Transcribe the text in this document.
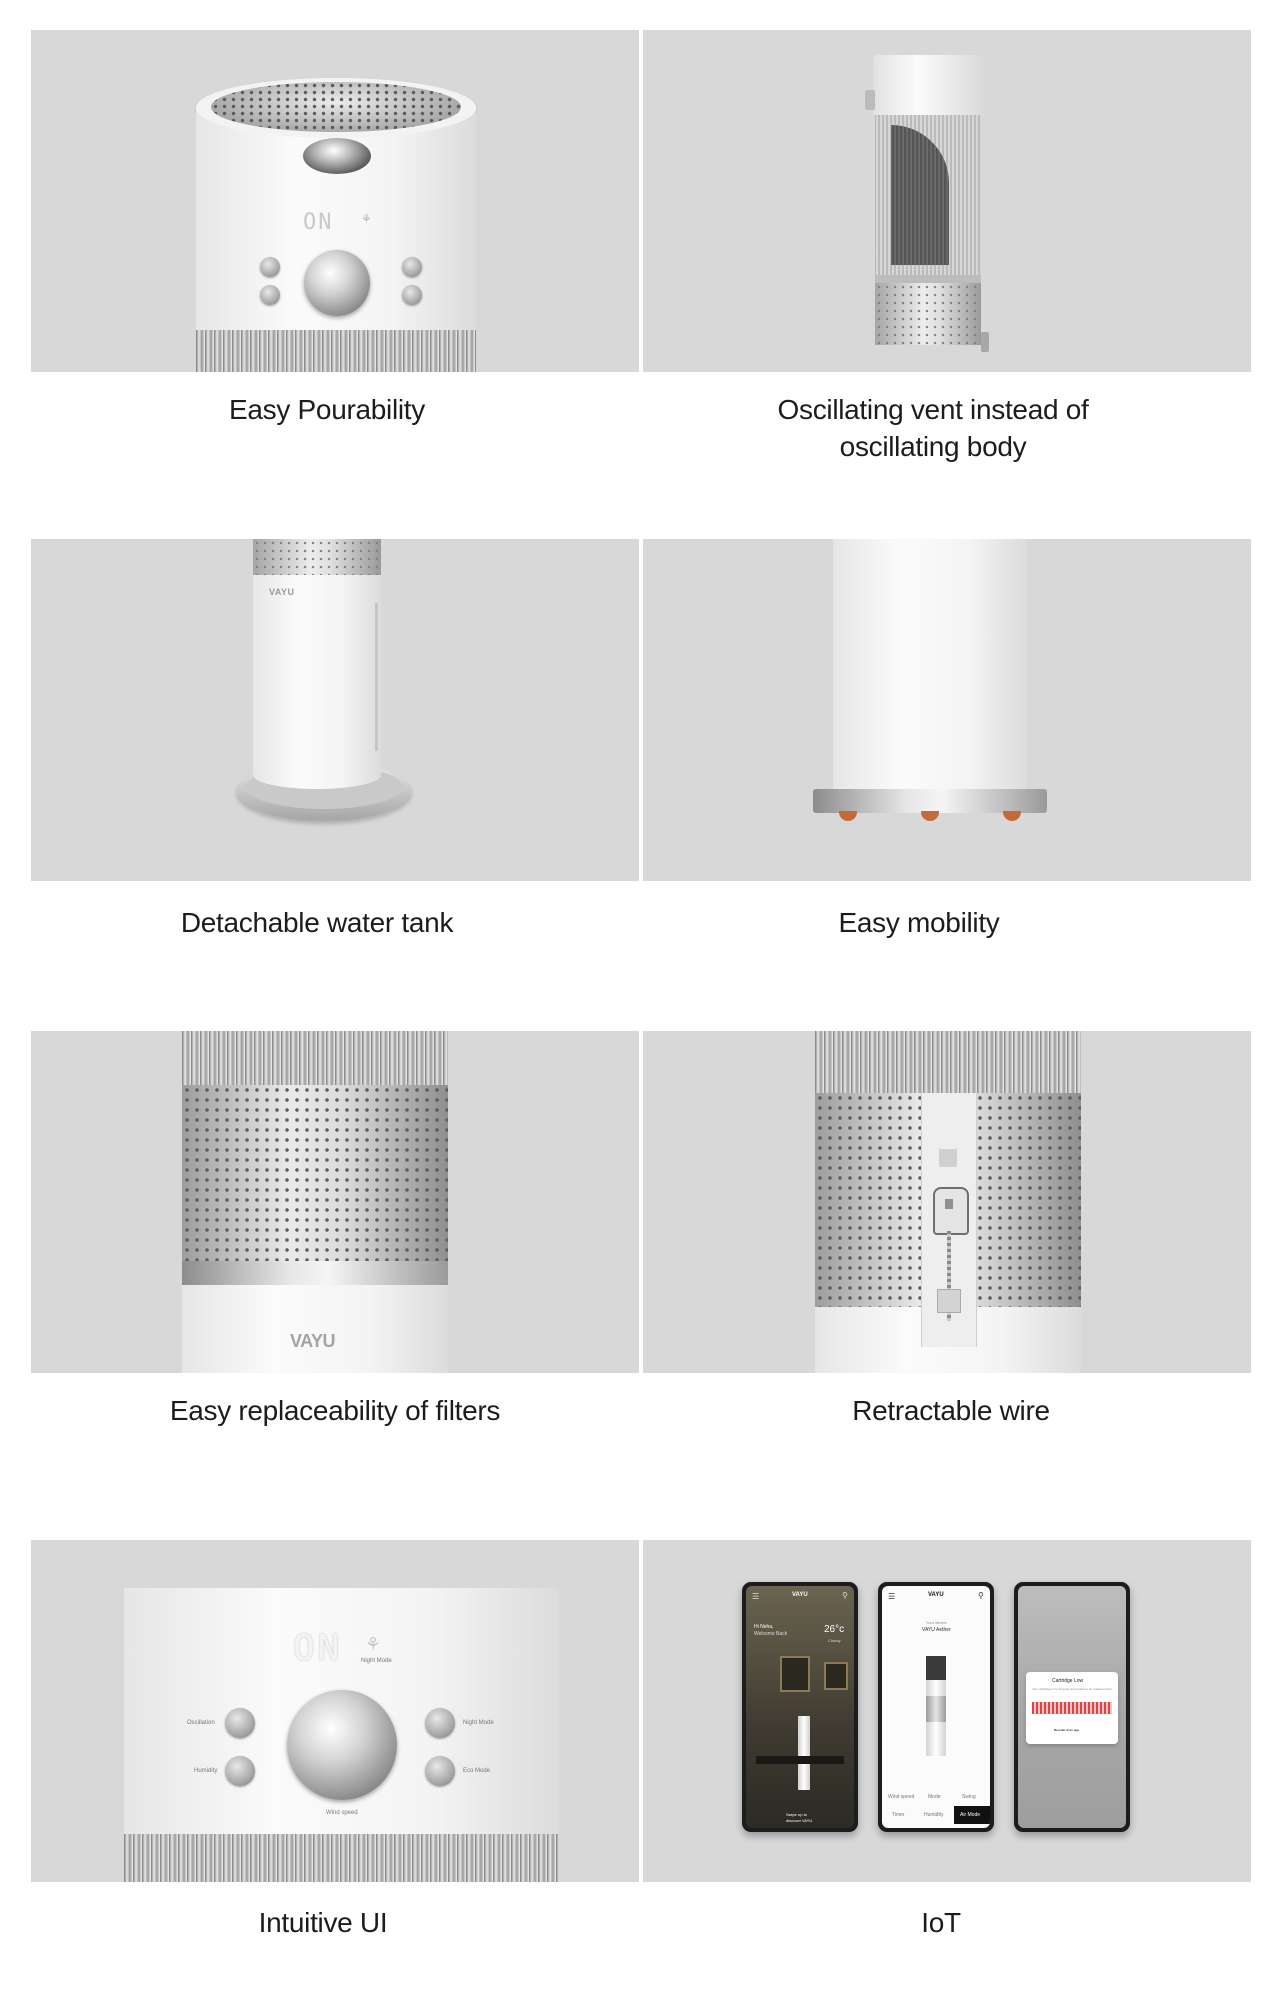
ON ⚘
Easy Pourability	Oscillating vent instead of oscillating body
VAYU
Detachable water tank	Easy mobility
VAYU
Easy replaceability of filters	Retractable wire
ON ⚘
Night Mode
Oscillation
Humidity
Wind speed
Night Mode
Eco Mode
☰	VAYU	⚲
Hi Neha,
Welcome Back	26°c
Cloudy
Swipe up to
discover VAYU
☰	VAYU	⚲
Your device
VAYU Aether
Wind speed	Mode	Swing
Timer	Humidity	Air Mode
Cartridge Low
Your cartridge is running low and needs to be replaced soon
Reorder from app
Intuitive UI	IoT
